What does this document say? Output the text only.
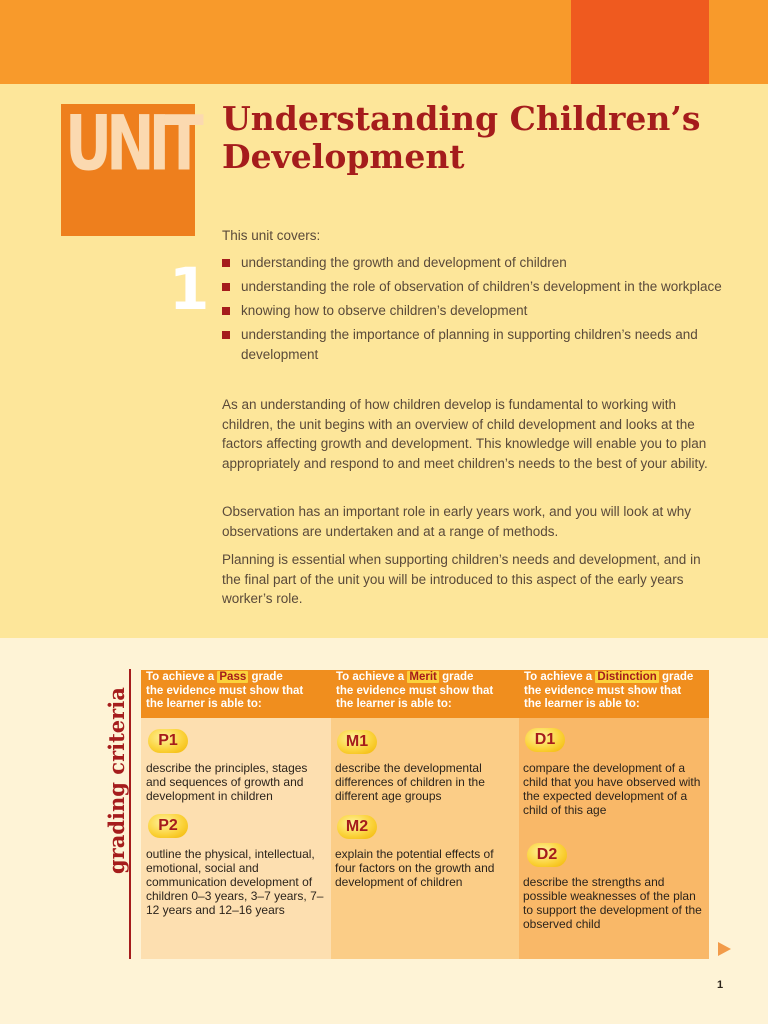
UNIT
1
Understanding Children’s Development
This unit covers:
understanding the growth and development of children
understanding the role of observation of children’s development in the workplace
knowing how to observe children’s development
understanding the importance of planning in supporting children’s needs and development

As an understanding of how children develop is fundamental to working with children, the unit begins with an overview of child development and looks at the factors affecting growth and development. This knowledge will enable you to plan appropriately and respond to and meet children’s needs to the best of your ability.

Observation has an important role in early years work, and you will look at why observations are undertaken and at a range of methods.

Planning is essential when supporting children’s needs and development, and in the final part of the unit you will be introduced to this aspect of the early years worker’s role.

grading criteria
To achieve a Pass grade
the evidence must show that
the learner is able to:
To achieve a Merit grade
the evidence must show that
the learner is able to:
To achieve a Distinction grade
the evidence must show that
the learner is able to:
P1

describe the principles, stages and sequences of growth and development in children

P2

outline the physical, intellectual, emotional, social and communication development of children 0–3 years, 3–7 years, 7–12 years and 12–16 years

M1

describe the developmental differences of children in the different age groups

M2

explain the potential effects of four factors on the growth and development of children

D1

compare the development of a child that you have observed with the expected development of a child of this age

D2

describe the strengths and possible weaknesses of the plan to support the development of the observed child

1
